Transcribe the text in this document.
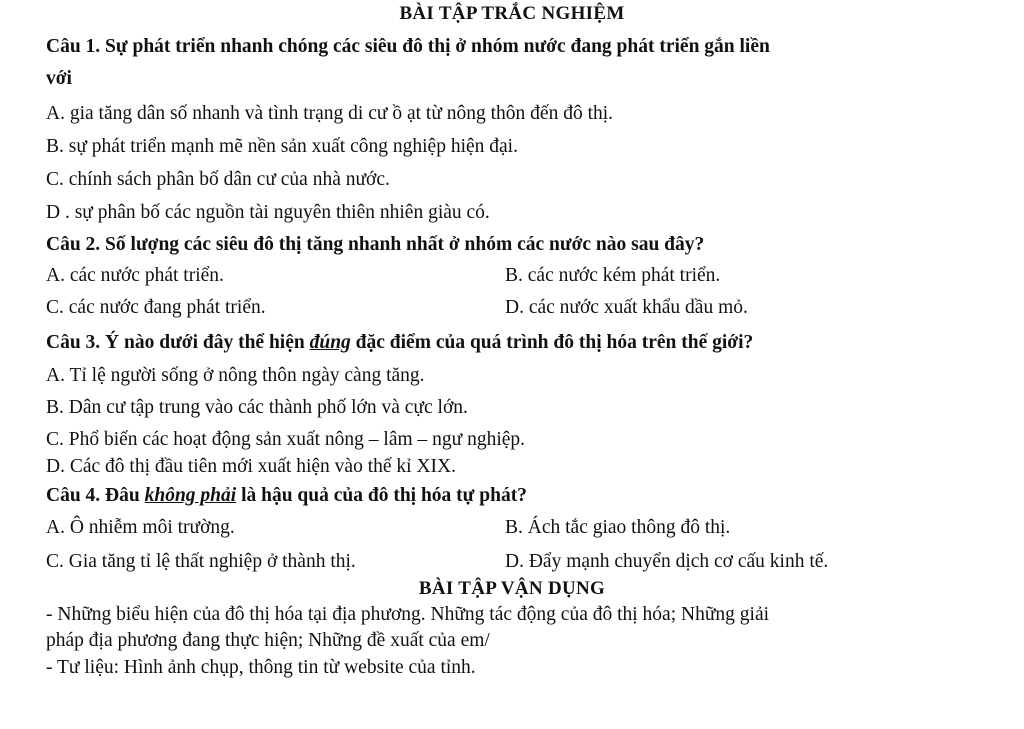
BÀI TẬP TRẮC NGHIỆM
Câu 1. Sự phát triển nhanh chóng các siêu đô thị ở nhóm nước đang phát triển gắn liền
với
A. gia tăng dân số nhanh và tình trạng di cư ồ ạt từ nông thôn đến đô thị.
B. sự phát triển mạnh mẽ nền sản xuất công nghiệp hiện đại.
C. chính sách phân bố dân cư của nhà nước.
D . sự phân bố các nguồn tài nguyên thiên nhiên giàu có.
Câu 2. Số lượng các siêu đô thị tăng nhanh nhất ở nhóm các nước nào sau đây?
A. các nước phát triển.	B. các nước kém phát triển.
C. các nước đang phát triển.	D. các nước xuất khẩu dầu mỏ.
Câu 3. Ý nào dưới đây thể hiện đúng đặc điểm của quá trình đô thị hóa trên thế giới?
A. Tỉ lệ người sống ở nông thôn ngày càng tăng.
B. Dân cư tập trung vào các thành phố lớn và cực lớn.
C. Phổ biến các hoạt động sản xuất nông – lâm – ngư nghiệp.
D. Các đô thị đầu tiên mới xuất hiện vào thế kỉ XIX.
Câu 4. Đâu không phải là hậu quả của đô thị hóa tự phát?
A. Ô nhiễm môi trường.	B. Ách tắc giao thông đô thị.
C. Gia tăng tỉ lệ thất nghiệp ở thành thị.	D. Đẩy mạnh chuyển dịch cơ cấu kinh tế.
BÀI TẬP VẬN DỤNG
- Những biểu hiện của đô thị hóa tại địa phương. Những tác động của đô thị hóa; Những giải
pháp địa phương đang thực hiện; Những đề xuất của em/
- Tư liệu: Hình ảnh chụp, thông tin từ website của tỉnh.
